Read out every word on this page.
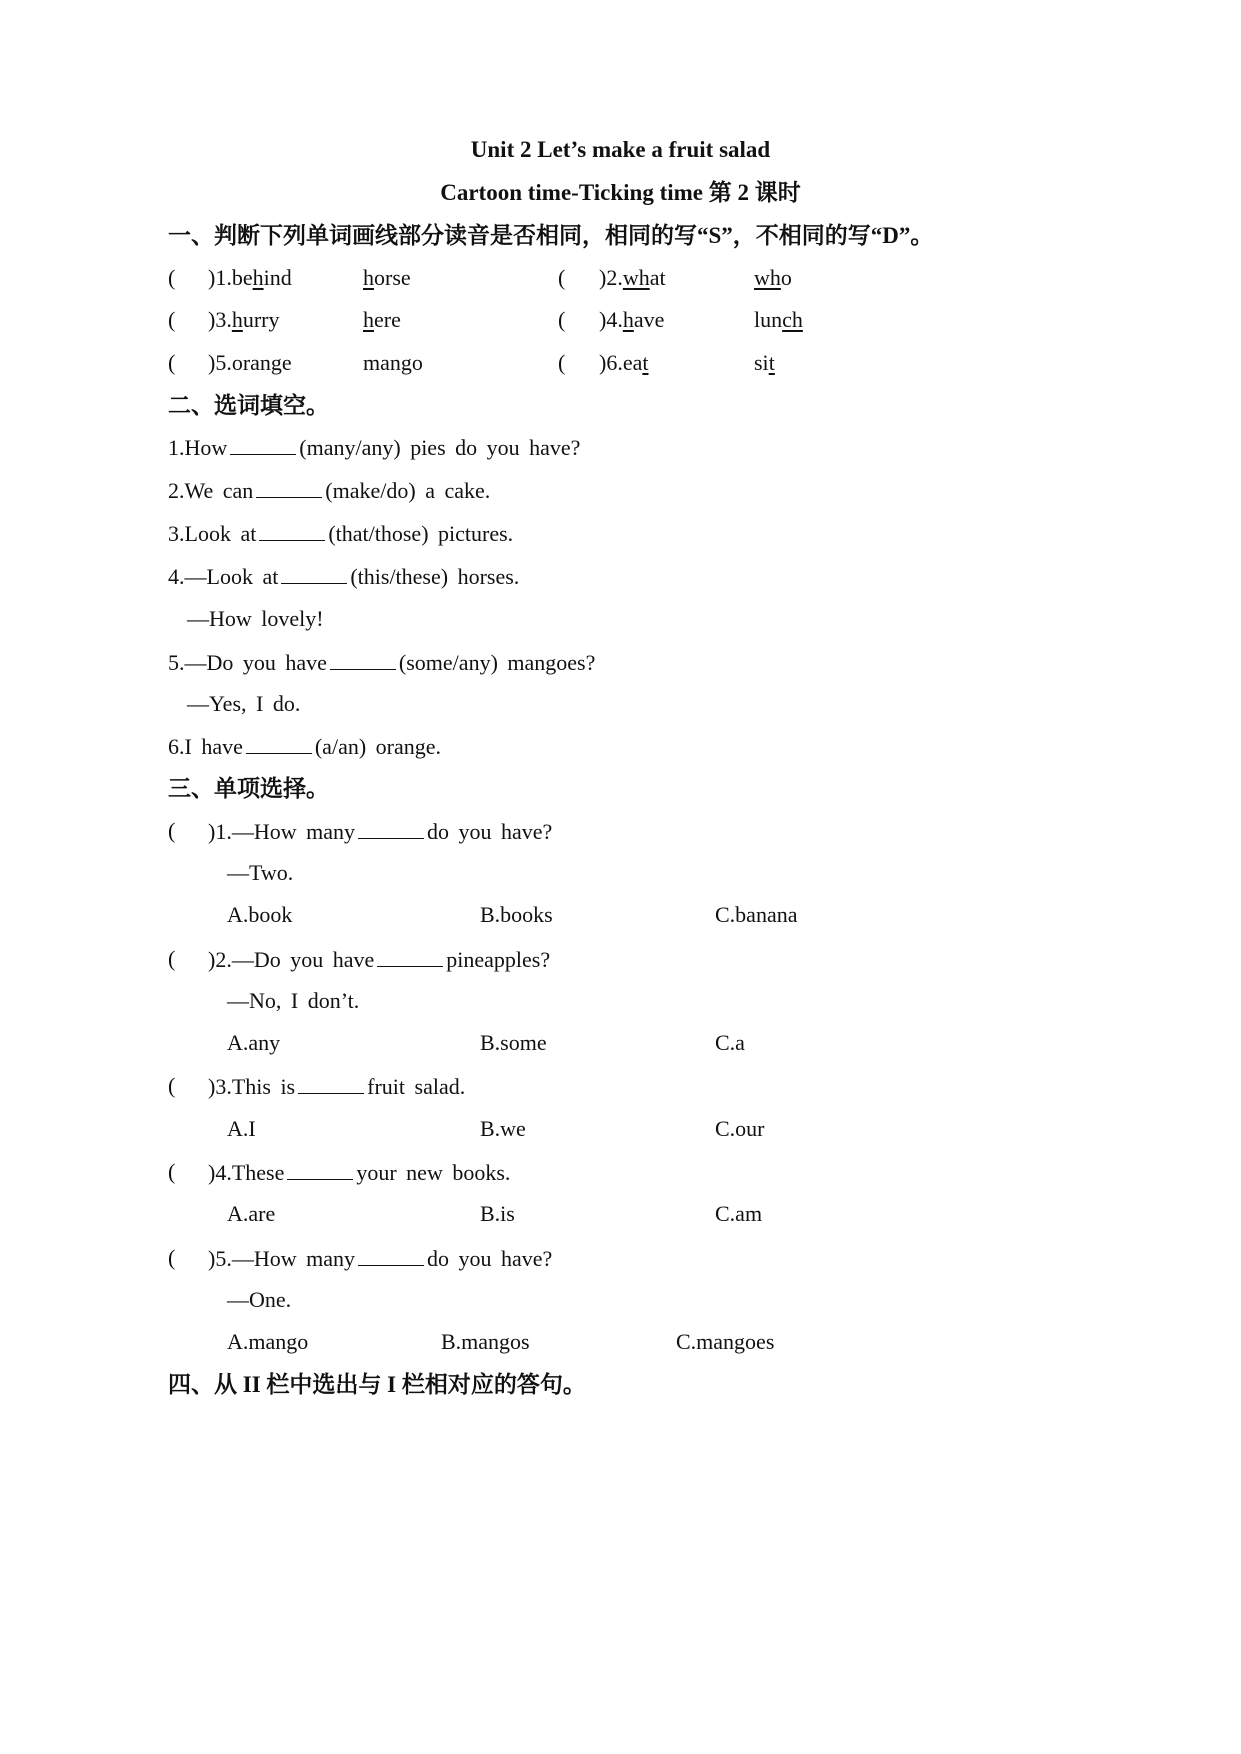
Unit 2 Let’s make a fruit salad
Cartoon time-Ticking time 第 2 课时
一、判断下列单词画线部分读音是否相同，相同的写“S”，不相同的写“D”。
( )1.behind	horse	( )2.what	who
( )3.hurry	here	( )4.have	lunch
( )5.orange	mango	( )6.eat	sit
二、选词填空。
1.How	(many/any) pies do you have?
2.We can	(make/do) a cake.
3.Look at	(that/those) pictures.
4.—Look at	(this/these) horses.
—How lovely!
5.—Do you have	(some/any) mangoes?
—Yes, I do.
6.I have	(a/an) orange.
三、单项选择。
( )1.—How many	do you have?
—Two.
A.book	B.books	C.banana
( )2.—Do you have	pineapples?
—No, I don’t.
A.any	B.some	C.a
( )3.This is	fruit salad.
A.I	B.we	C.our
( )4.These	your new books.
A.are	B.is	C.am
( )5.—How many	do you have?
—One.
A.mango	B.mangos	C.mangoes
四、从 II 栏中选出与 I 栏相对应的答句。
